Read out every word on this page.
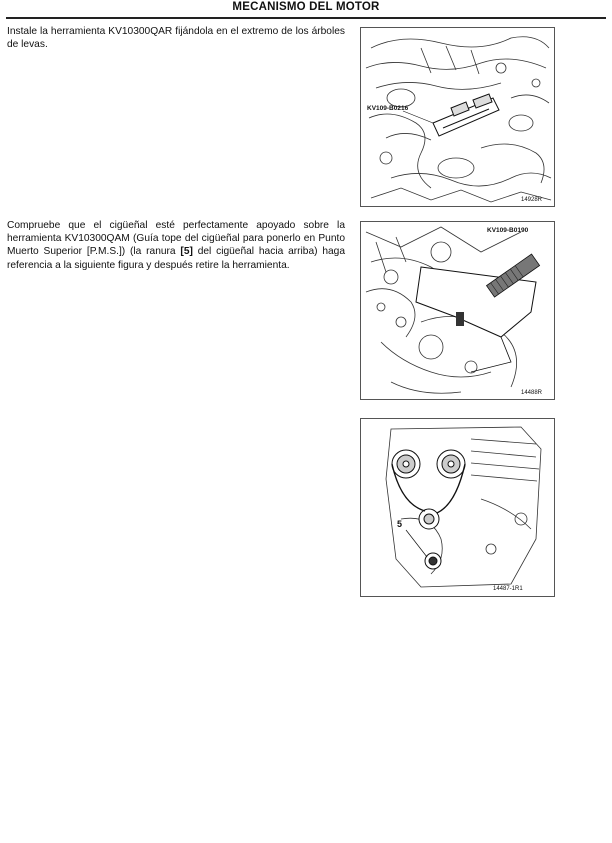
MECANISMO DEL MOTOR
Instale la herramienta KV10300QAR fijándola en el extremo de los árboles de levas.
KV109-B0216
14928R
Compruebe que el cigüeñal esté perfectamente apoyado sobre la herramienta KV10300QAM (Guía tope del cigüeñal para ponerlo en Punto Muerto Superior [P.M.S.]) (la ranura [5] del cigüeñal hacia arriba) haga referencia a la siguiente figura y después retire la herramienta.
KV109-B0190
14488R
5
14487-1R1
